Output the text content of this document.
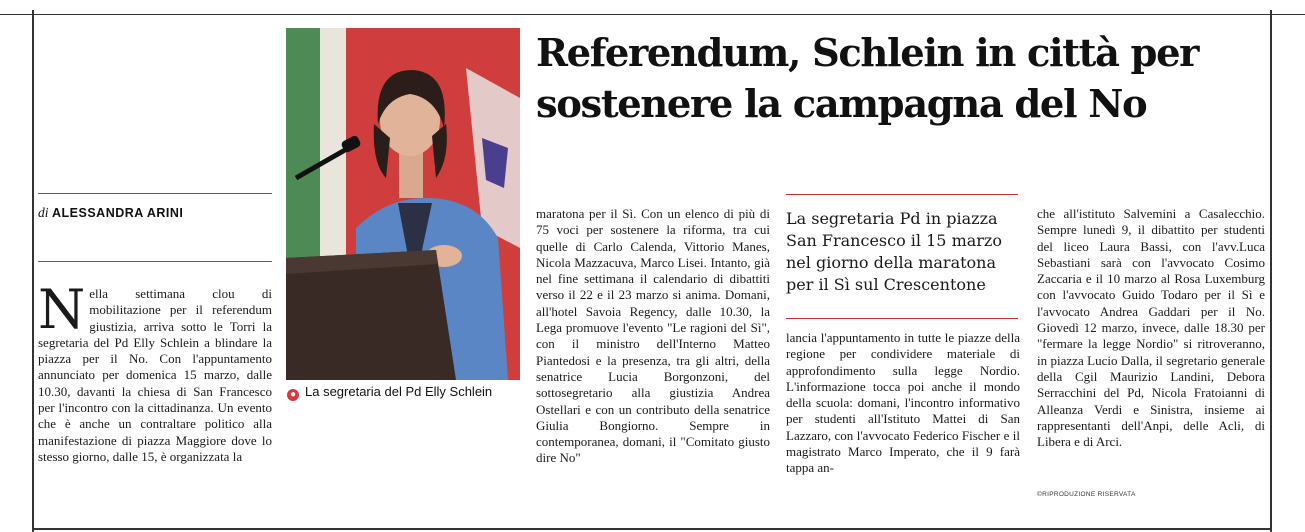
● La segretaria del Pd Elly Schlein
Referendum, Schlein in città per sostenere la campagna del No
di ALESSANDRA ARINI
Nella settimana clou di mobilitazione per il referendum giustizia, arriva sotto le Torri la segretaria del Pd Elly Schlein a blindare la piazza per il No. Con l'appuntamento annunciato per domenica 15 marzo, dalle 10.30, davanti la chiesa di San Francesco per l'incontro con la cittadinanza. Un evento che è anche un contraltare politico alla manifestazione di piazza Maggiore dove lo stesso giorno, dalle 15, è organizzata la
maratona per il Sì. Con un elenco di più di 75 voci per sostenere la riforma, tra cui quelle di Carlo Calenda, Vittorio Manes, Nicola Mazzacuva, Marco Lisei. Intanto, già nel fine settimana il calendario di dibattiti verso il 22 e il 23 marzo si anima. Domani, all'hotel Savoia Regency, dalle 10.30, la Lega promuove l'evento "Le ragioni del Sì", con il ministro dell'Interno Matteo Piantedosi e la presenza, tra gli altri, della senatrice Lucia Borgonzoni, del sottosegretario alla giustizia Andrea Ostellari e con un contributo della senatrice Giulia Bongiorno. Sempre in contemporanea, domani, il "Comitato giusto dire No"

La segretaria Pd in piazza San Francesco il 15 marzo nel giorno della maratona per il Sì sul Crescentone

lancia l'appuntamento in tutte le piazze della regione per condividere materiale di approfondimento sulla legge Nordio. L'informazione tocca poi anche il mondo della scuola: domani, l'incontro informativo per studenti all'Istituto Mattei di San Lazzaro, con l'avvocato Federico Fischer e il magistrato Marco Imperato, che il 9 farà tappa an-
che all'istituto Salvemini a Casalecchio. Sempre lunedì 9, il dibattito per studenti del liceo Laura Bassi, con l'avv.Luca Sebastiani sarà con l'avvocato Cosimo Zaccaria e il 10 marzo al Rosa Luxemburg con l'avvocato Guido Todaro per il Sì e l'avvocato Andrea Gaddari per il No. Giovedì 12 marzo, invece, dalle 18.30 per "fermare la legge Nordio" si ritroveranno, in piazza Lucio Dalla, il segretario generale della Cgil Maurizio Landini, Debora Serracchini del Pd, Nicola Fratoianni di Alleanza Verdi e Sinistra, insieme ai rappresentanti dell'Anpi, delle Acli, di Libera e di Arci.
©RIPRODUZIONE RISERVATA
